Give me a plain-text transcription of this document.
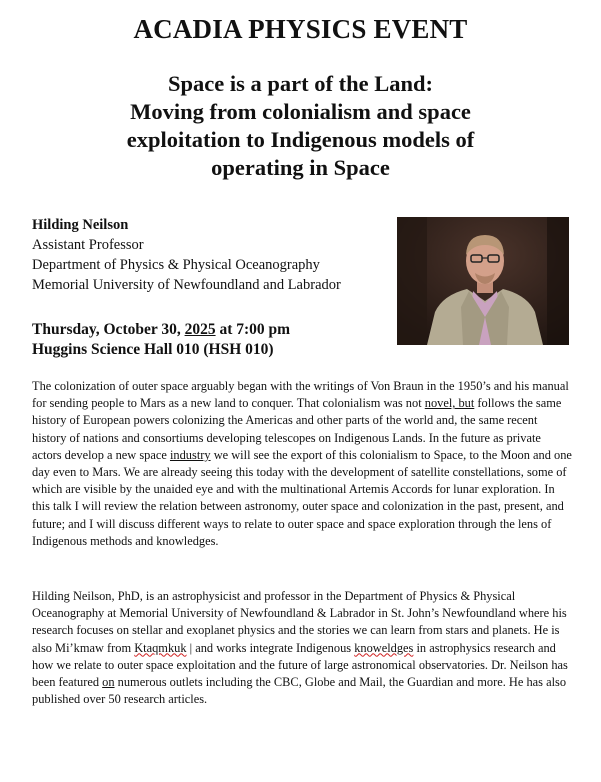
ACADIA PHYSICS EVENT
Space is a part of the Land:
Moving from colonialism and space
exploitation to Indigenous models of
operating in Space
Hilding Neilson
Assistant Professor
Department of Physics & Physical Oceanography
Memorial University of Newfoundland and Labrador
Thursday, October 30, 2025 at 7:00 pm
Huggins Science Hall 010 (HSH 010)

The colonization of outer space arguably began with the writings of Von Braun in the 1950’s and his manual for sending people to Mars as a new land to conquer. That colonialism was not novel, but follows the same history of European powers colonizing the Americas and other parts of the world and, the same recent history of nations and consortiums developing telescopes on Indigenous Lands. In the future as private actors develop a new space industry we will see the export of this colonialism to Space, to the Moon and one day even to Mars. We are already seeing this today with the development of satellite constellations, some of which are visible by the unaided eye and with the multinational Artemis Accords for lunar exploration. In this talk I will review the relation between astronomy, outer space and colonization in the past, present, and future; and I will discuss different ways to relate to outer space and space exploration through the lens of Indigenous methods and knowledges.

Hilding Neilson, PhD, is an astrophysicist and professor in the Department of Physics & Physical Oceanography at Memorial University of Newfoundland & Labrador in St. John’s Newfoundland where his research focuses on stellar and exoplanet physics and the stories we can learn from stars and planets. He is also Mi’kmaw from Ktaqmkuk | and works integrate Indigenous knoweldges in astrophysics research and how we relate to outer space exploitation and the future of large astronomical observatories. Dr. Neilson has been featured on numerous outlets including the CBC, Globe and Mail, the Guardian and more. He has also published over 50 research articles.
